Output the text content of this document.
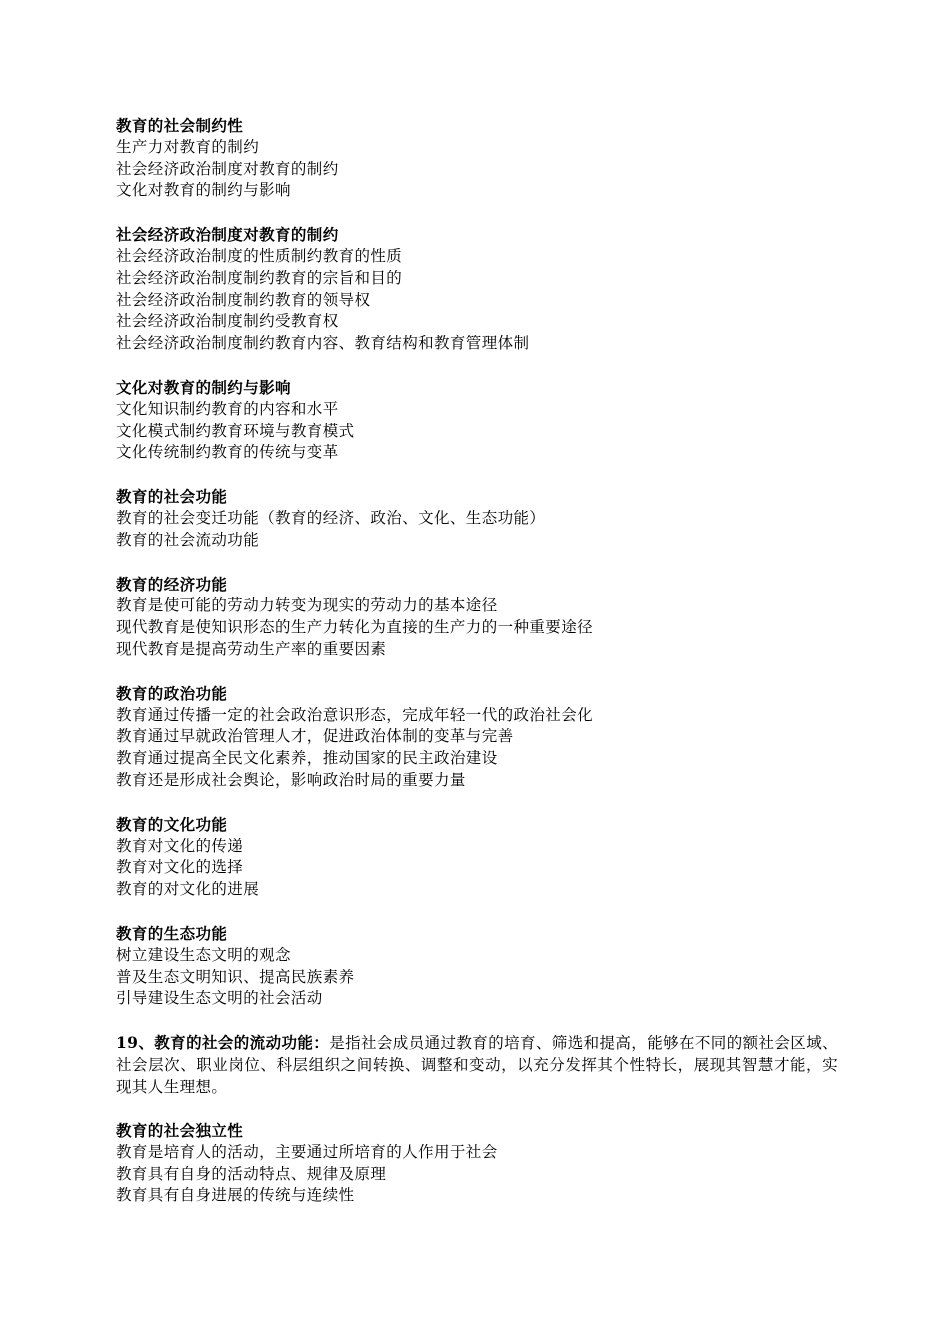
教育的社会制约性
生产力对教育的制约
社会经济政治制度对教育的制约
文化对教育的制约与影响
社会经济政治制度对教育的制约
社会经济政治制度的性质制约教育的性质
社会经济政治制度制约教育的宗旨和目的
社会经济政治制度制约教育的领导权
社会经济政治制度制约受教育权
社会经济政治制度制约教育内容、教育结构和教育管理体制
文化对教育的制约与影响
文化知识制约教育的内容和水平
文化模式制约教育环境与教育模式
文化传统制约教育的传统与变革
教育的社会功能
教育的社会变迁功能（教育的经济、政治、文化、生态功能）
教育的社会流动功能
教育的经济功能
教育是使可能的劳动力转变为现实的劳动力的基本途径
现代教育是使知识形态的生产力转化为直接的生产力的一种重要途径
现代教育是提高劳动生产率的重要因素
教育的政治功能
教育通过传播一定的社会政治意识形态，完成年轻一代的政治社会化
教育通过早就政治管理人才，促进政治体制的变革与完善
教育通过提高全民文化素养，推动国家的民主政治建设
教育还是形成社会舆论，影响政治时局的重要力量
教育的文化功能
教育对文化的传递
教育对文化的选择
教育的对文化的进展
教育的生态功能
树立建设生态文明的观念
普及生态文明知识、提高民族素养
引导建设生态文明的社会活动
19、教育的社会的流动功能：是指社会成员通过教育的培育、筛选和提高，能够在不同的额社会区域、社会层次、职业岗位、科层组织之间转换、调整和变动，以充分发挥其个性特长，展现其智慧才能，实现其人生理想。
教育的社会独立性
教育是培育人的活动，主要通过所培育的人作用于社会
教育具有自身的活动特点、规律及原理
教育具有自身进展的传统与连续性
